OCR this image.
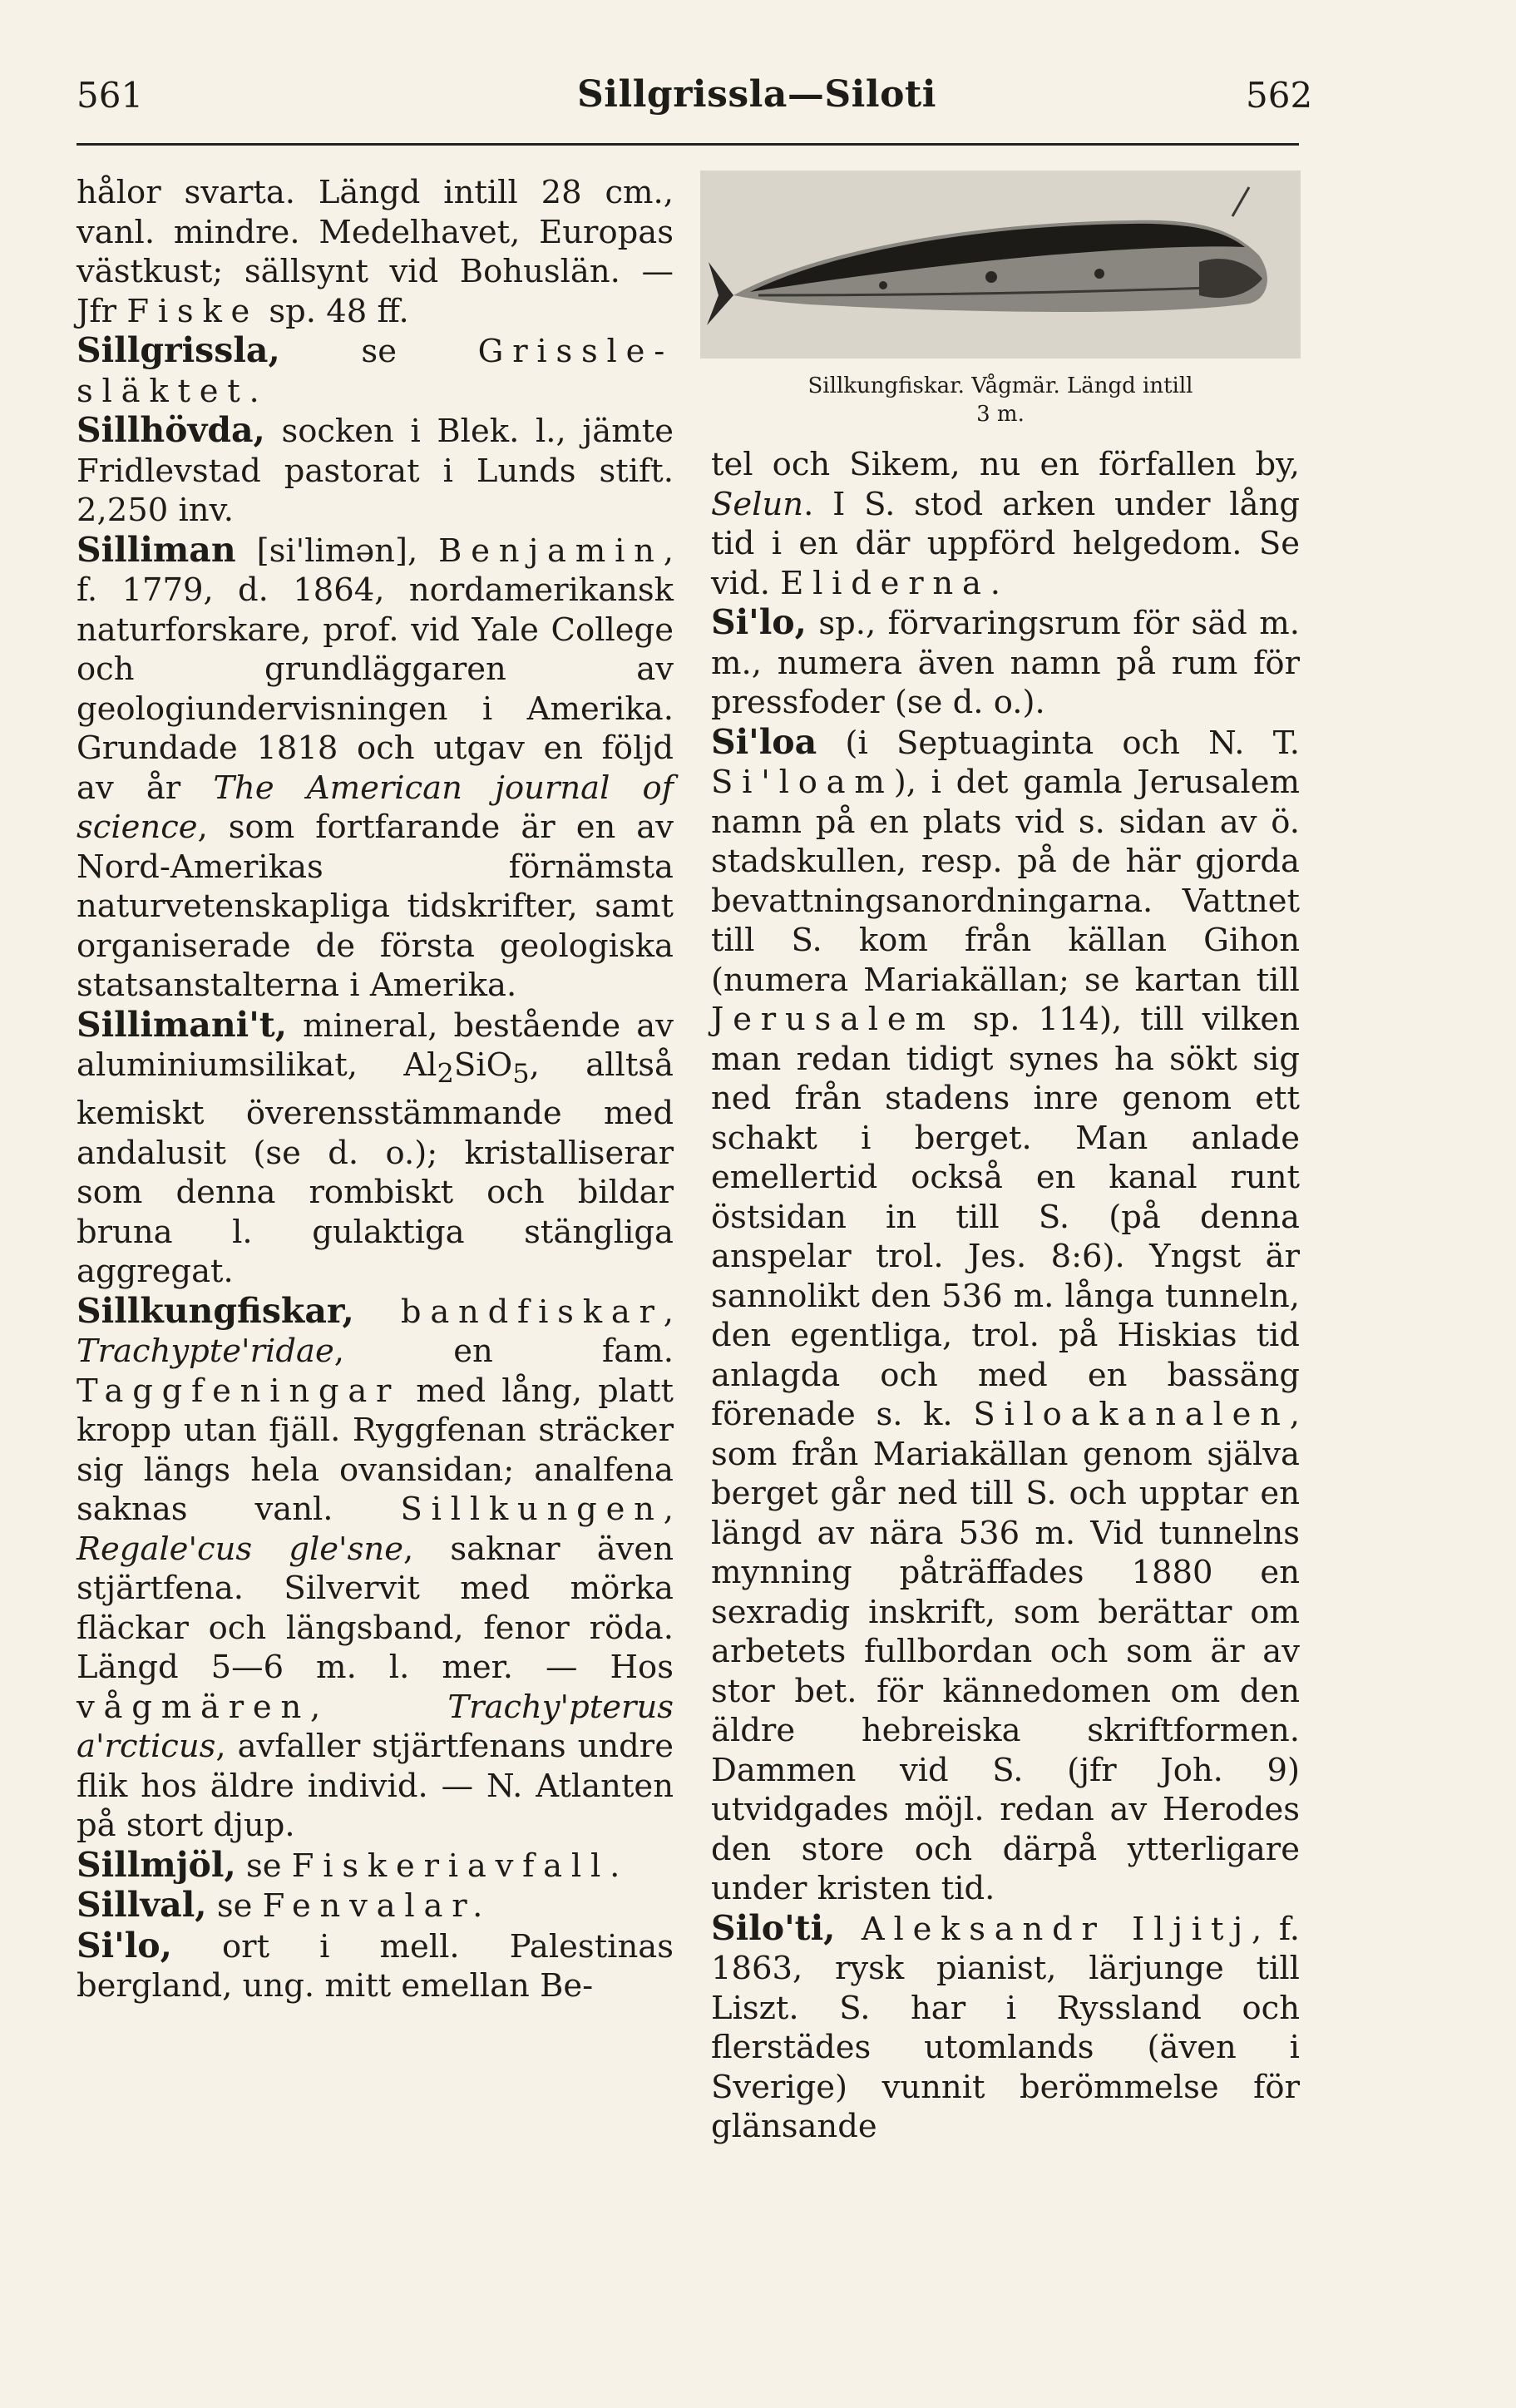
561	Sillgrissla—Siloti	562

hålor svarta. Längd intill 28 cm., vanl. mindre. Medelhavet, Europas västkust; sällsynt vid Bohuslän. — Jfr Fiske sp. 48 ff.

Sillgrissla, se Grissle-släktet.

Sillhövda, socken i Blek. l., jämte Fridlevstad pastorat i Lunds stift. 2,250 inv.

Silliman [si'limən], Benjamin, f. 1779, d. 1864, nordamerikansk naturforskare, prof. vid Yale College och grundläggaren av geologiundervisningen i Amerika. Grundade 1818 och utgav en följd av år The American journal of science, som fortfarande är en av Nord-Amerikas förnämsta naturvetenskapliga tidskrifter, samt organiserade de första geologiska statsanstalterna i Amerika.

Sillimani't, mineral, bestående av aluminiumsilikat, $Al_2SiO_5$, alltså kemiskt överensstämmande med andalusit (se d. o.); kristalliserar som denna rombiskt och bildar bruna l. gulaktiga stängliga aggregat.

Sillkungfiskar, bandfiskar, Trachypte'ridae, en fam. Taggfeningar med lång, platt kropp utan fjäll. Ryggfenan sträcker sig längs hela ovansidan; analfena saknas vanl. Sillkungen, Regale'cus gle'sne, saknar även stjärtfena. Silvervit med mörka fläckar och längsband, fenor röda. Längd 5—6 m. l. mer. — Hos vågmären, Trachy'pterus a'rcticus, avfaller stjärtfenans undre flik hos äldre individ. — N. Atlanten på stort djup.

Sillmjöl, se Fiskeriavfall.

Sillval, se Fenvalar.

Si'lo, ort i mell. Palestinas bergland, ung. mitt emellan Be-

Sillkungfiskar. Vågmär. Längd intill
3 m.

tel och Sikem, nu en förfallen by, Selun. I S. stod arken under lång tid i en där uppförd helgedom. Se vid. Eliderna.

Si'lo, sp., förvaringsrum för säd m. m., numera även namn på rum för pressfoder (se d. o.).

Si'loa (i Septuaginta och N. T. Si'loam), i det gamla Jerusalem namn på en plats vid s. sidan av ö. stadskullen, resp. på de här gjorda bevattningsanordningarna. Vattnet till S. kom från källan Gihon (numera Mariakällan; se kartan till Jerusalem sp. 114), till vilken man redan tidigt synes ha sökt sig ned från stadens inre genom ett schakt i berget. Man anlade emellertid också en kanal runt östsidan in till S. (på denna anspelar trol. Jes. 8:6). Yngst är sannolikt den 536 m. långa tunneln, den egentliga, trol. på Hiskias tid anlagda och med en bassäng förenade s. k. Siloakanalen, som från Mariakällan genom själva berget går ned till S. och upptar en längd av nära 536 m. Vid tunnelns mynning påträffades 1880 en sexradig inskrift, som berättar om arbetets fullbordan och som är av stor bet. för kännedomen om den äldre hebreiska skriftformen. Dammen vid S. (jfr Joh. 9) utvidgades möjl. redan av Herodes den store och därpå ytterligare under kristen tid.

Silo'ti, Aleksandr Iljitj, f. 1863, rysk pianist, lärjunge till Liszt. S. har i Ryssland och flerstädes utomlands (även i Sverige) vunnit berömmelse för glänsande
